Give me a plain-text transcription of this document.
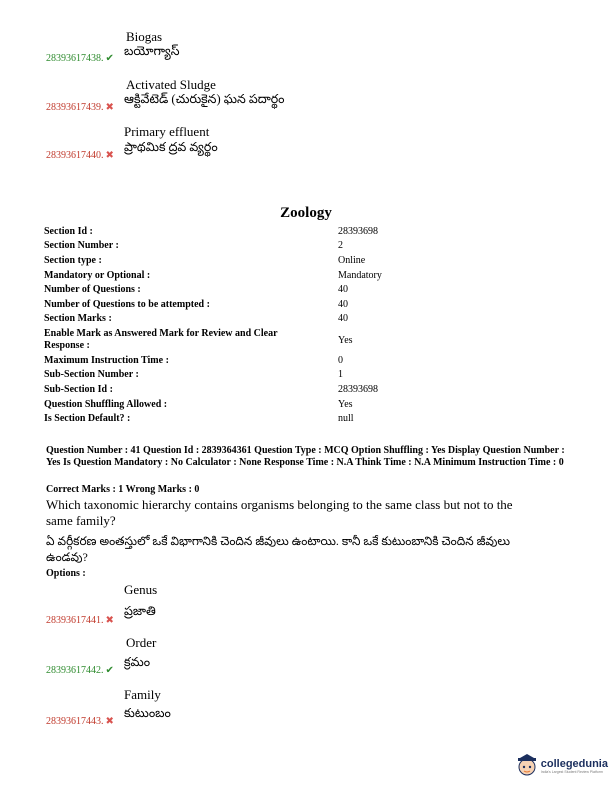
Biogas
28393617438. ✔
బయోగ్యాస్
Activated Sludge
28393617439. ✖
ఆక్టివేటెడ్ (చురుకైన) ఘన పదార్థం
Primary effluent
28393617440. ✖
ప్రాథమిక ద్రవ వ్యర్థం
Zoology
Section Id :	28393698
Section Number :	2
Section type :	Online
Mandatory or Optional :	Mandatory
Number of Questions :	40
Number of Questions to be attempted :	40
Section Marks :	40
Enable Mark as Answered Mark for Review and Clear Response :	Yes
Maximum Instruction Time :	0
Sub-Section Number :	1
Sub-Section Id :	28393698
Question Shuffling Allowed :	Yes
Is Section Default? :	null
Question Number : 41 Question Id : 2839364361 Question Type : MCQ Option Shuffling : Yes Display Question Number : Yes Is Question Mandatory : No Calculator : None Response Time : N.A Think Time : N.A Minimum Instruction Time : 0
Correct Marks : 1 Wrong Marks : 0
Which taxonomic hierarchy contains organisms belonging to the same class but not to the same family?
ఏ వర్గీకరణ అంతస్తులో ఒకే విభాగానికి చెందిన జీవులు ఉంటాయి. కానీ ఒకే కుటుంబానికి చెందిన జీవులు ఉండవు?
Options :
Genus
28393617441. ✖
ప్రజాతి
Order
28393617442. ✔
క్రమం
Family
28393617443. ✖
కుటుంబం
collegedunia
India's Largest Student Review Platform
